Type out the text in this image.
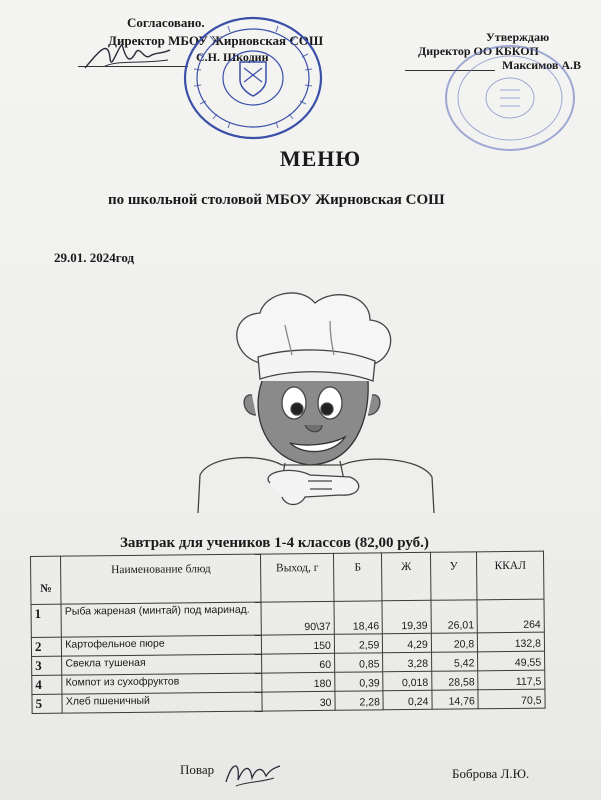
Согласовано.
Директор МБОУ Жирновская СОШ
С.Н. Шкодин
Утверждаю
Директор ОО КБКОП
Максимов А.В
МЕНЮ
по школьной столовой МБОУ Жирновская СОШ
29.01. 2024год
Завтрак для учеников 1-4 классов (82,00 руб.)
№	Наименование блюд	Выход, г	Б	Ж	У	ККАЛ
1	Рыба жареная (минтай) под маринад.	90\37	18,46	19,39	26,01	264
2	Картофельное пюре	150	2,59	4,29	20,8	132,8
3	Свекла тушеная	60	0,85	3,28	5,42	49,55
4	Компот из сухофруктов	180	0,39	0,018	28,58	117,5
5	Хлеб пшеничный	30	2,28	0,24	14,76	70,5
Повар	Боброва Л.Ю.
